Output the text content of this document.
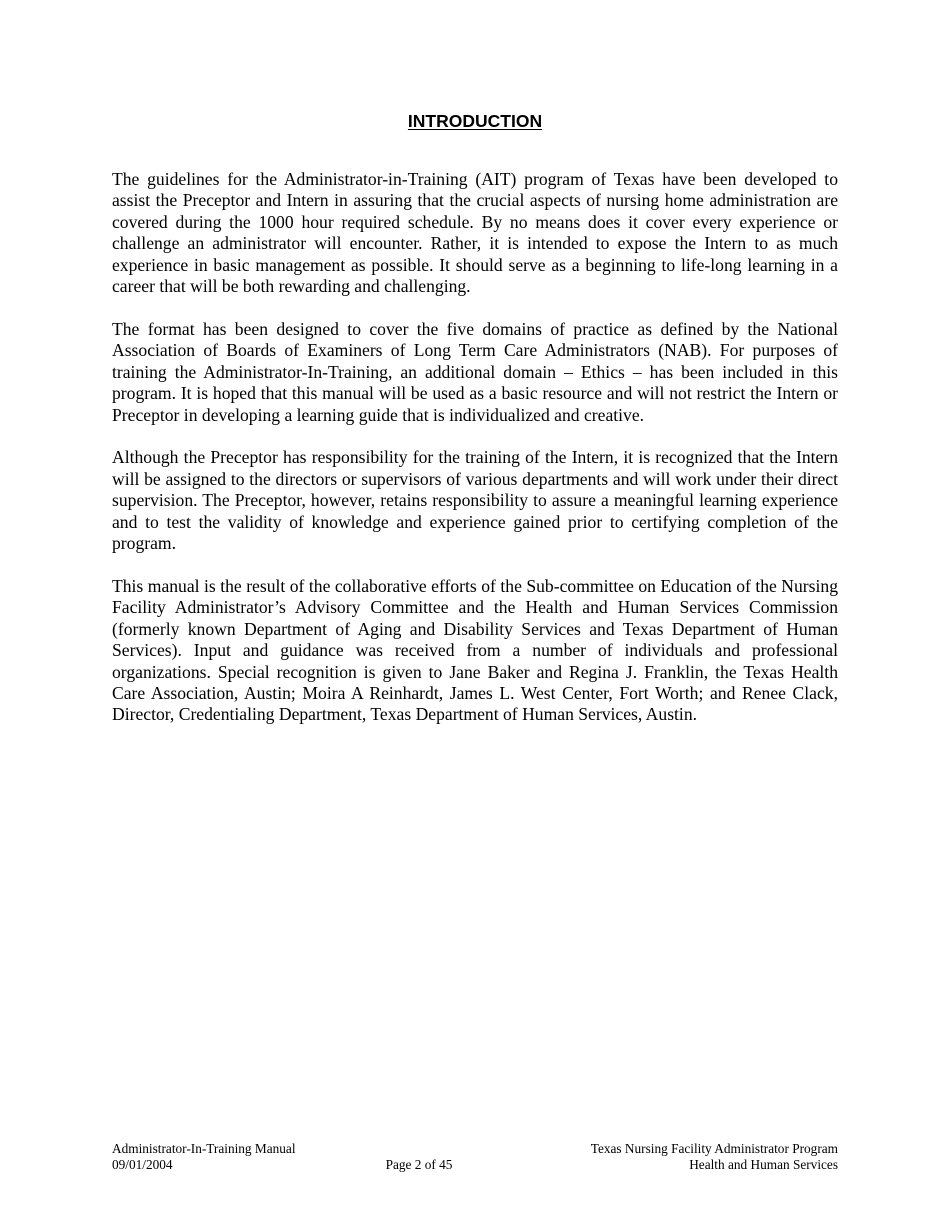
INTRODUCTION

The guidelines for the Administrator-in-Training (AIT) program of Texas have been developed to assist the Preceptor and Intern in assuring that the crucial aspects of nursing home administration are covered during the 1000 hour required schedule. By no means does it cover every experience or challenge an administrator will encounter. Rather, it is intended to expose the Intern to as much experience in basic management as possible. It should serve as a beginning to life-long learning in a career that will be both rewarding and challenging.

The format has been designed to cover the five domains of practice as defined by the National Association of Boards of Examiners of Long Term Care Administrators (NAB). For purposes of training the Administrator-In-Training, an additional domain – Ethics – has been included in this program. It is hoped that this manual will be used as a basic resource and will not restrict the Intern or Preceptor in developing a learning guide that is individualized and creative.

Although the Preceptor has responsibility for the training of the Intern, it is recognized that the Intern will be assigned to the directors or supervisors of various departments and will work under their direct supervision. The Preceptor, however, retains responsibility to assure a meaningful learning experience and to test the validity of knowledge and experience gained prior to certifying completion of the program.

This manual is the result of the collaborative efforts of the Sub-committee on Education of the Nursing Facility Administrator’s Advisory Committee and the Health and Human Services Commission (formerly known Department of Aging and Disability Services and Texas Department of Human Services). Input and guidance was received from a number of individuals and professional organizations. Special recognition is given to Jane Baker and Regina J. Franklin, the Texas Health Care Association, Austin; Moira A Reinhardt, James L. West Center, Fort Worth; and Renee Clack, Director, Credentialing Department, Texas Department of Human Services, Austin.

Administrator-In-Training Manual
09/01/2004	Page 2 of 45
Texas Nursing Facility Administrator Program
Health and Human Services
